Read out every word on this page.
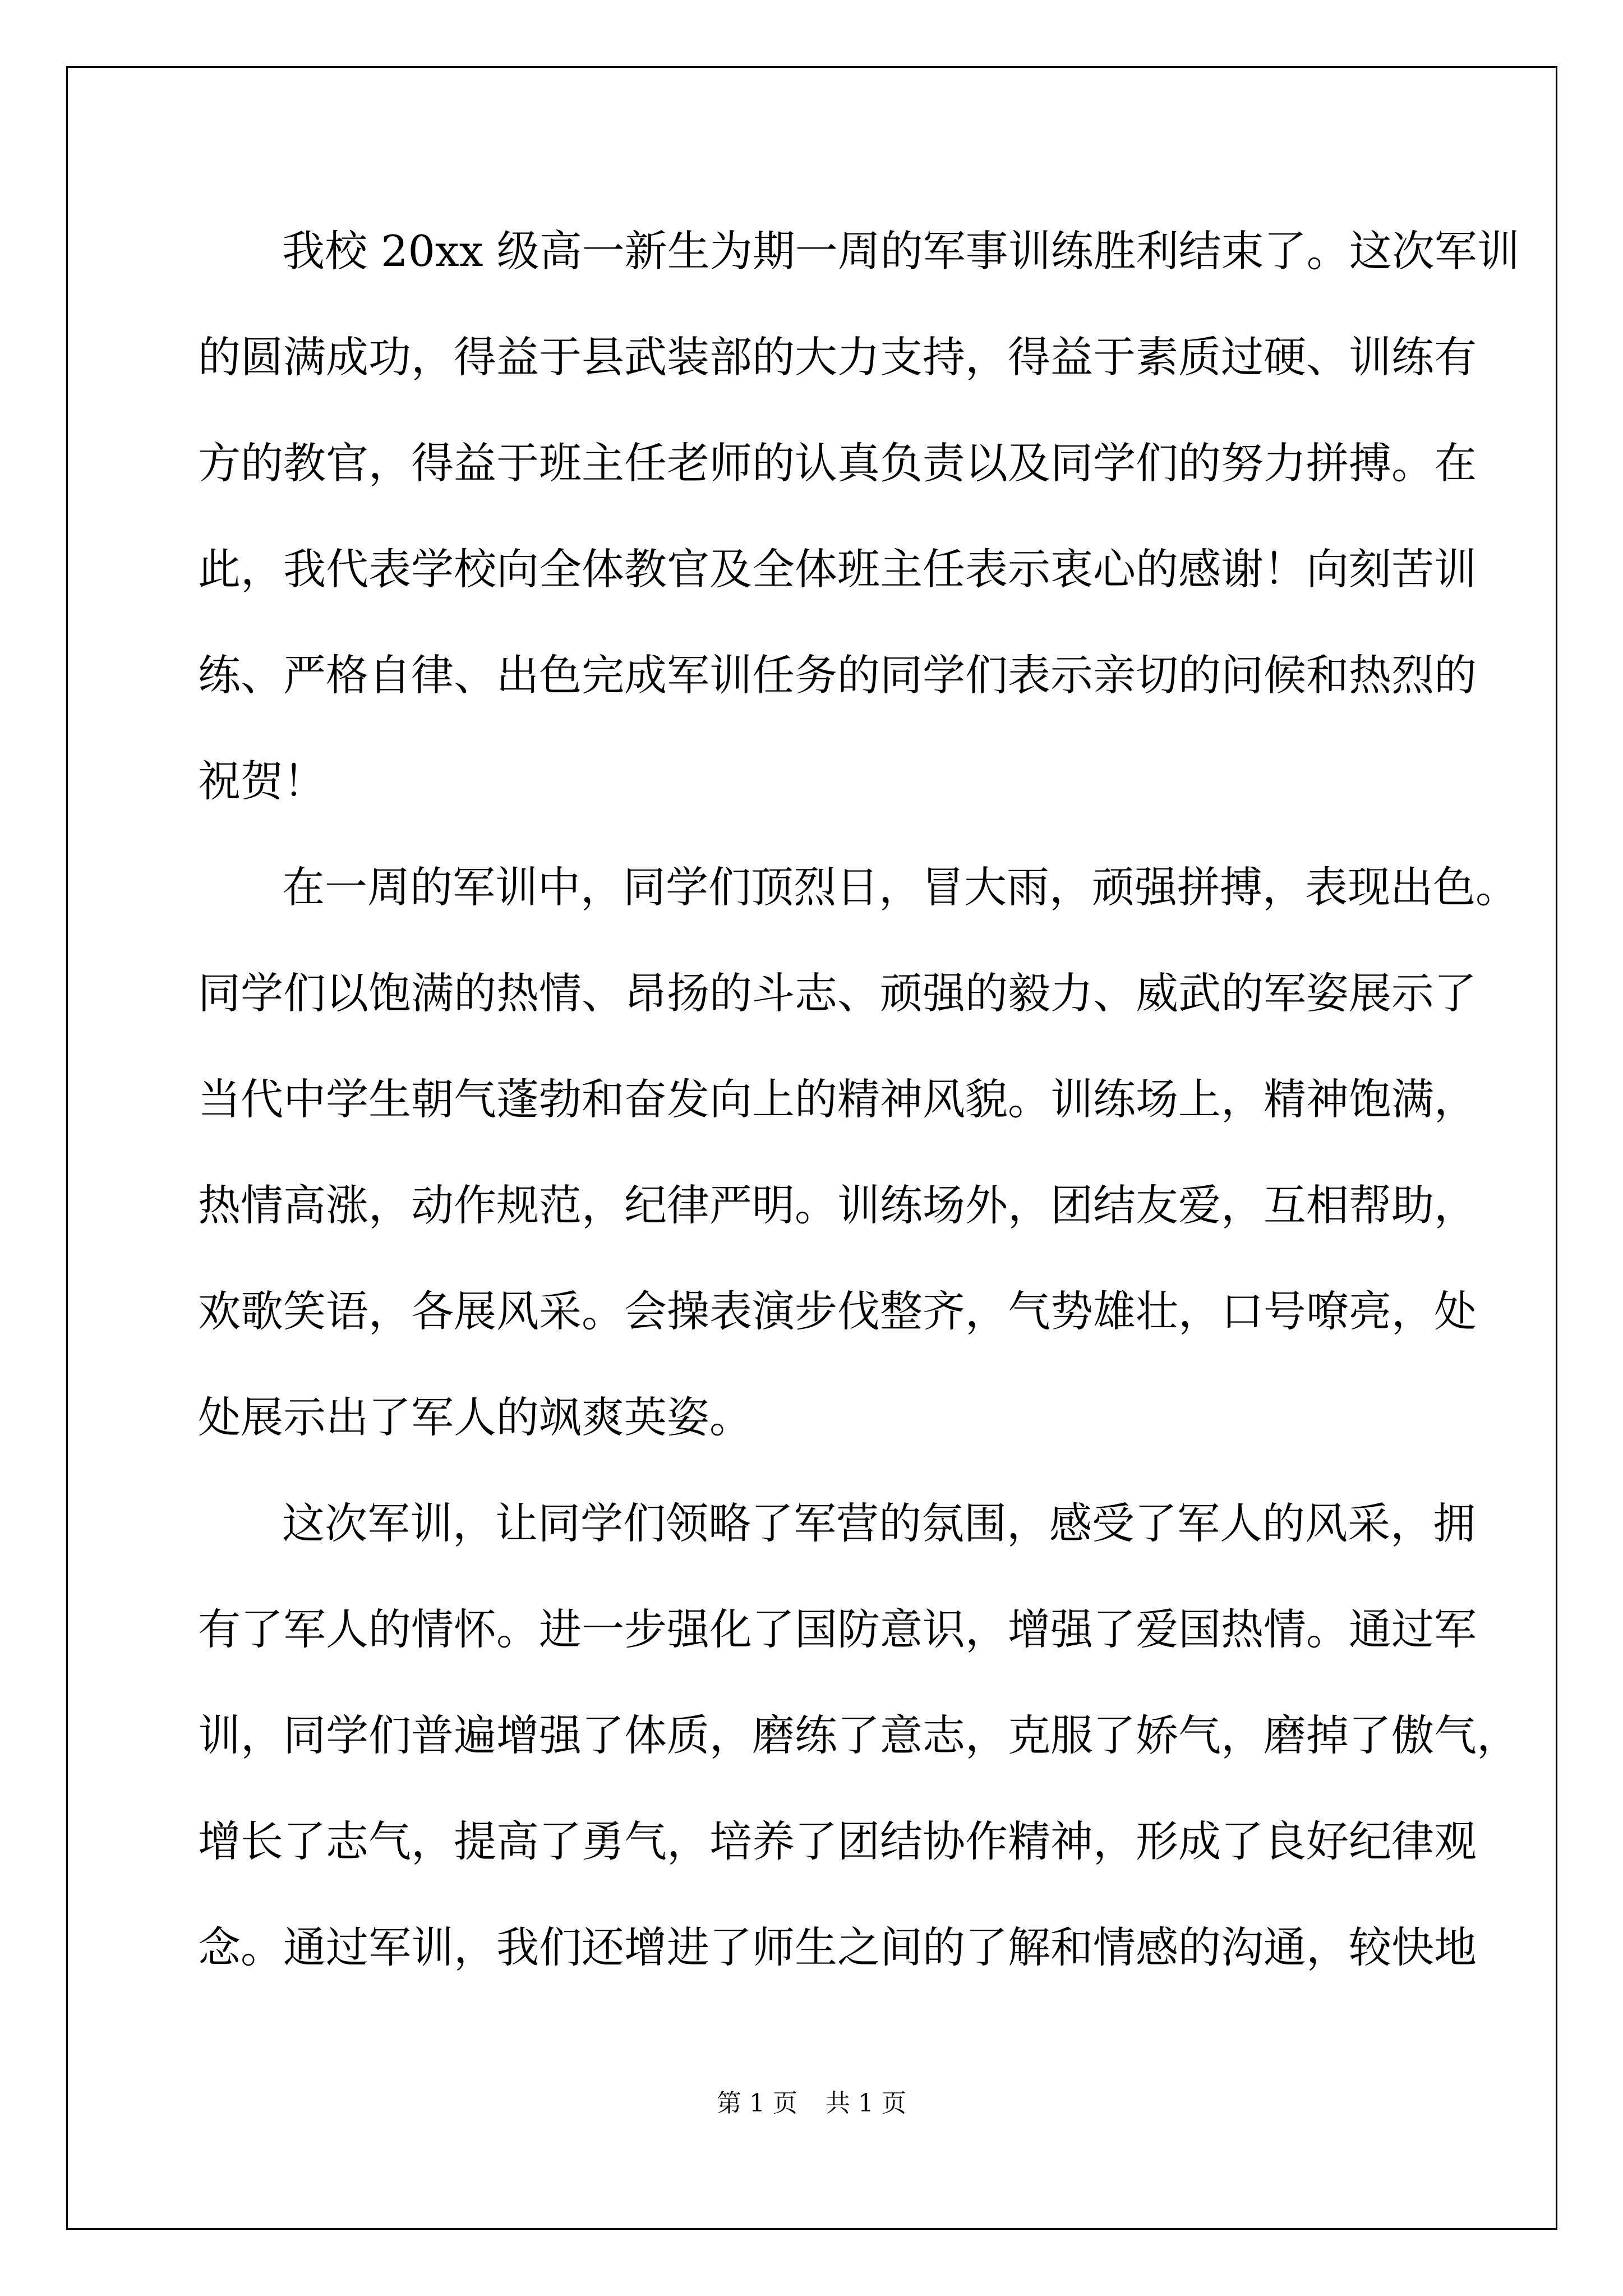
我校 20xx 级高一新生为期一周的军事训练胜利结束了。这次军训
的圆满成功，得益于县武装部的大力支持，得益于素质过硬、训练有
方的教官，得益于班主任老师的认真负责以及同学们的努力拼搏。在
此，我代表学校向全体教官及全体班主任表示衷心的感谢！向刻苦训
练、严格自律、出色完成军训任务的同学们表示亲切的问候和热烈的
祝贺！
在一周的军训中，同学们顶烈日，冒大雨，顽强拼搏，表现出色。
同学们以饱满的热情、昂扬的斗志、顽强的毅力、威武的军姿展示了
当代中学生朝气蓬勃和奋发向上的精神风貌。训练场上，精神饱满，
热情高涨，动作规范，纪律严明。训练场外，团结友爱，互相帮助，
欢歌笑语，各展风采。会操表演步伐整齐，气势雄壮，口号嘹亮，处
处展示出了军人的飒爽英姿。
这次军训，让同学们领略了军营的氛围，感受了军人的风采，拥
有了军人的情怀。进一步强化了国防意识，增强了爱国热情。通过军
训，同学们普遍增强了体质，磨练了意志，克服了娇气，磨掉了傲气，
增长了志气，提高了勇气，培养了团结协作精神，形成了良好纪律观
念。通过军训，我们还增进了师生之间的了解和情感的沟通，较快地
第 1 页 共 1 页
